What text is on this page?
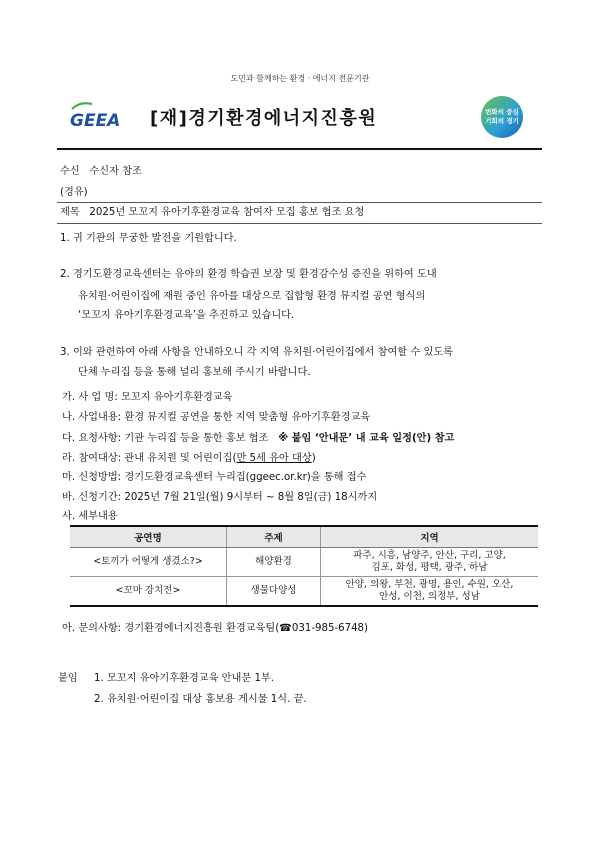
도민과 함께하는 환경 · 에너지 전문기관
GEEA [재]경기환경에너지진흥원	변화의 중심
기회의 경기
수신 수신자 참조
(경유)
제목 2025년 모꼬지 유아기후환경교육 참여자 모집 홍보 협조 요청
1. 귀 기관의 무궁한 발전을 기원합니다.
2. 경기도환경교육센터는 유아의 환경 학습권 보장 및 환경감수성 증진을 위하여 도내
유치원·어린이집에 재원 중인 유아를 대상으로 집합형 환경 뮤지컬 공연 형식의
‘모꼬지 유아기후환경교육’을 추진하고 있습니다.
3. 이와 관련하여 아래 사항을 안내하오니 각 지역 유치원·어린이집에서 참여할 수 있도록
단체 누리집 등을 통해 널리 홍보해 주시기 바랍니다.
가. 사 업 명: 모꼬지 유아기후환경교육
나. 사업내용: 환경 뮤지컬 공연을 통한 지역 맞춤형 유아기후환경교육
다. 요청사항: 기관 누리집 등을 통한 홍보 협조 ※ 붙임 ‘안내문’ 내 교육 일정(안) 참고
라. 참여대상: 관내 유치원 및 어린이집(만 5세 유아 대상)
마. 신청방법: 경기도환경교육센터 누리집(ggeec.or.kr)을 통해 접수
바. 신청기간: 2025년 7월 21일(월) 9시부터 ~ 8월 8일(금) 18시까지
사. 세부내용
공연명	주제	지역
<토끼가 어떻게 생겼소?>	해양환경	파주, 시흥, 남양주, 안산, 구리, 고양,
김포, 화성, 평택, 광주, 하남

<꼬마 강치전>	생물다양성	안양, 의왕, 부천, 광명, 용인, 수원, 오산,
안성, 이천, 의정부, 성남
아. 문의사항: 경기환경에너지진흥원 환경교육팀(☎031-985-6748)
붙임 1. 모꼬지 유아기후환경교육 안내문 1부.
2. 유치원·어린이집 대상 홍보용 게시물 1식. 끝.
